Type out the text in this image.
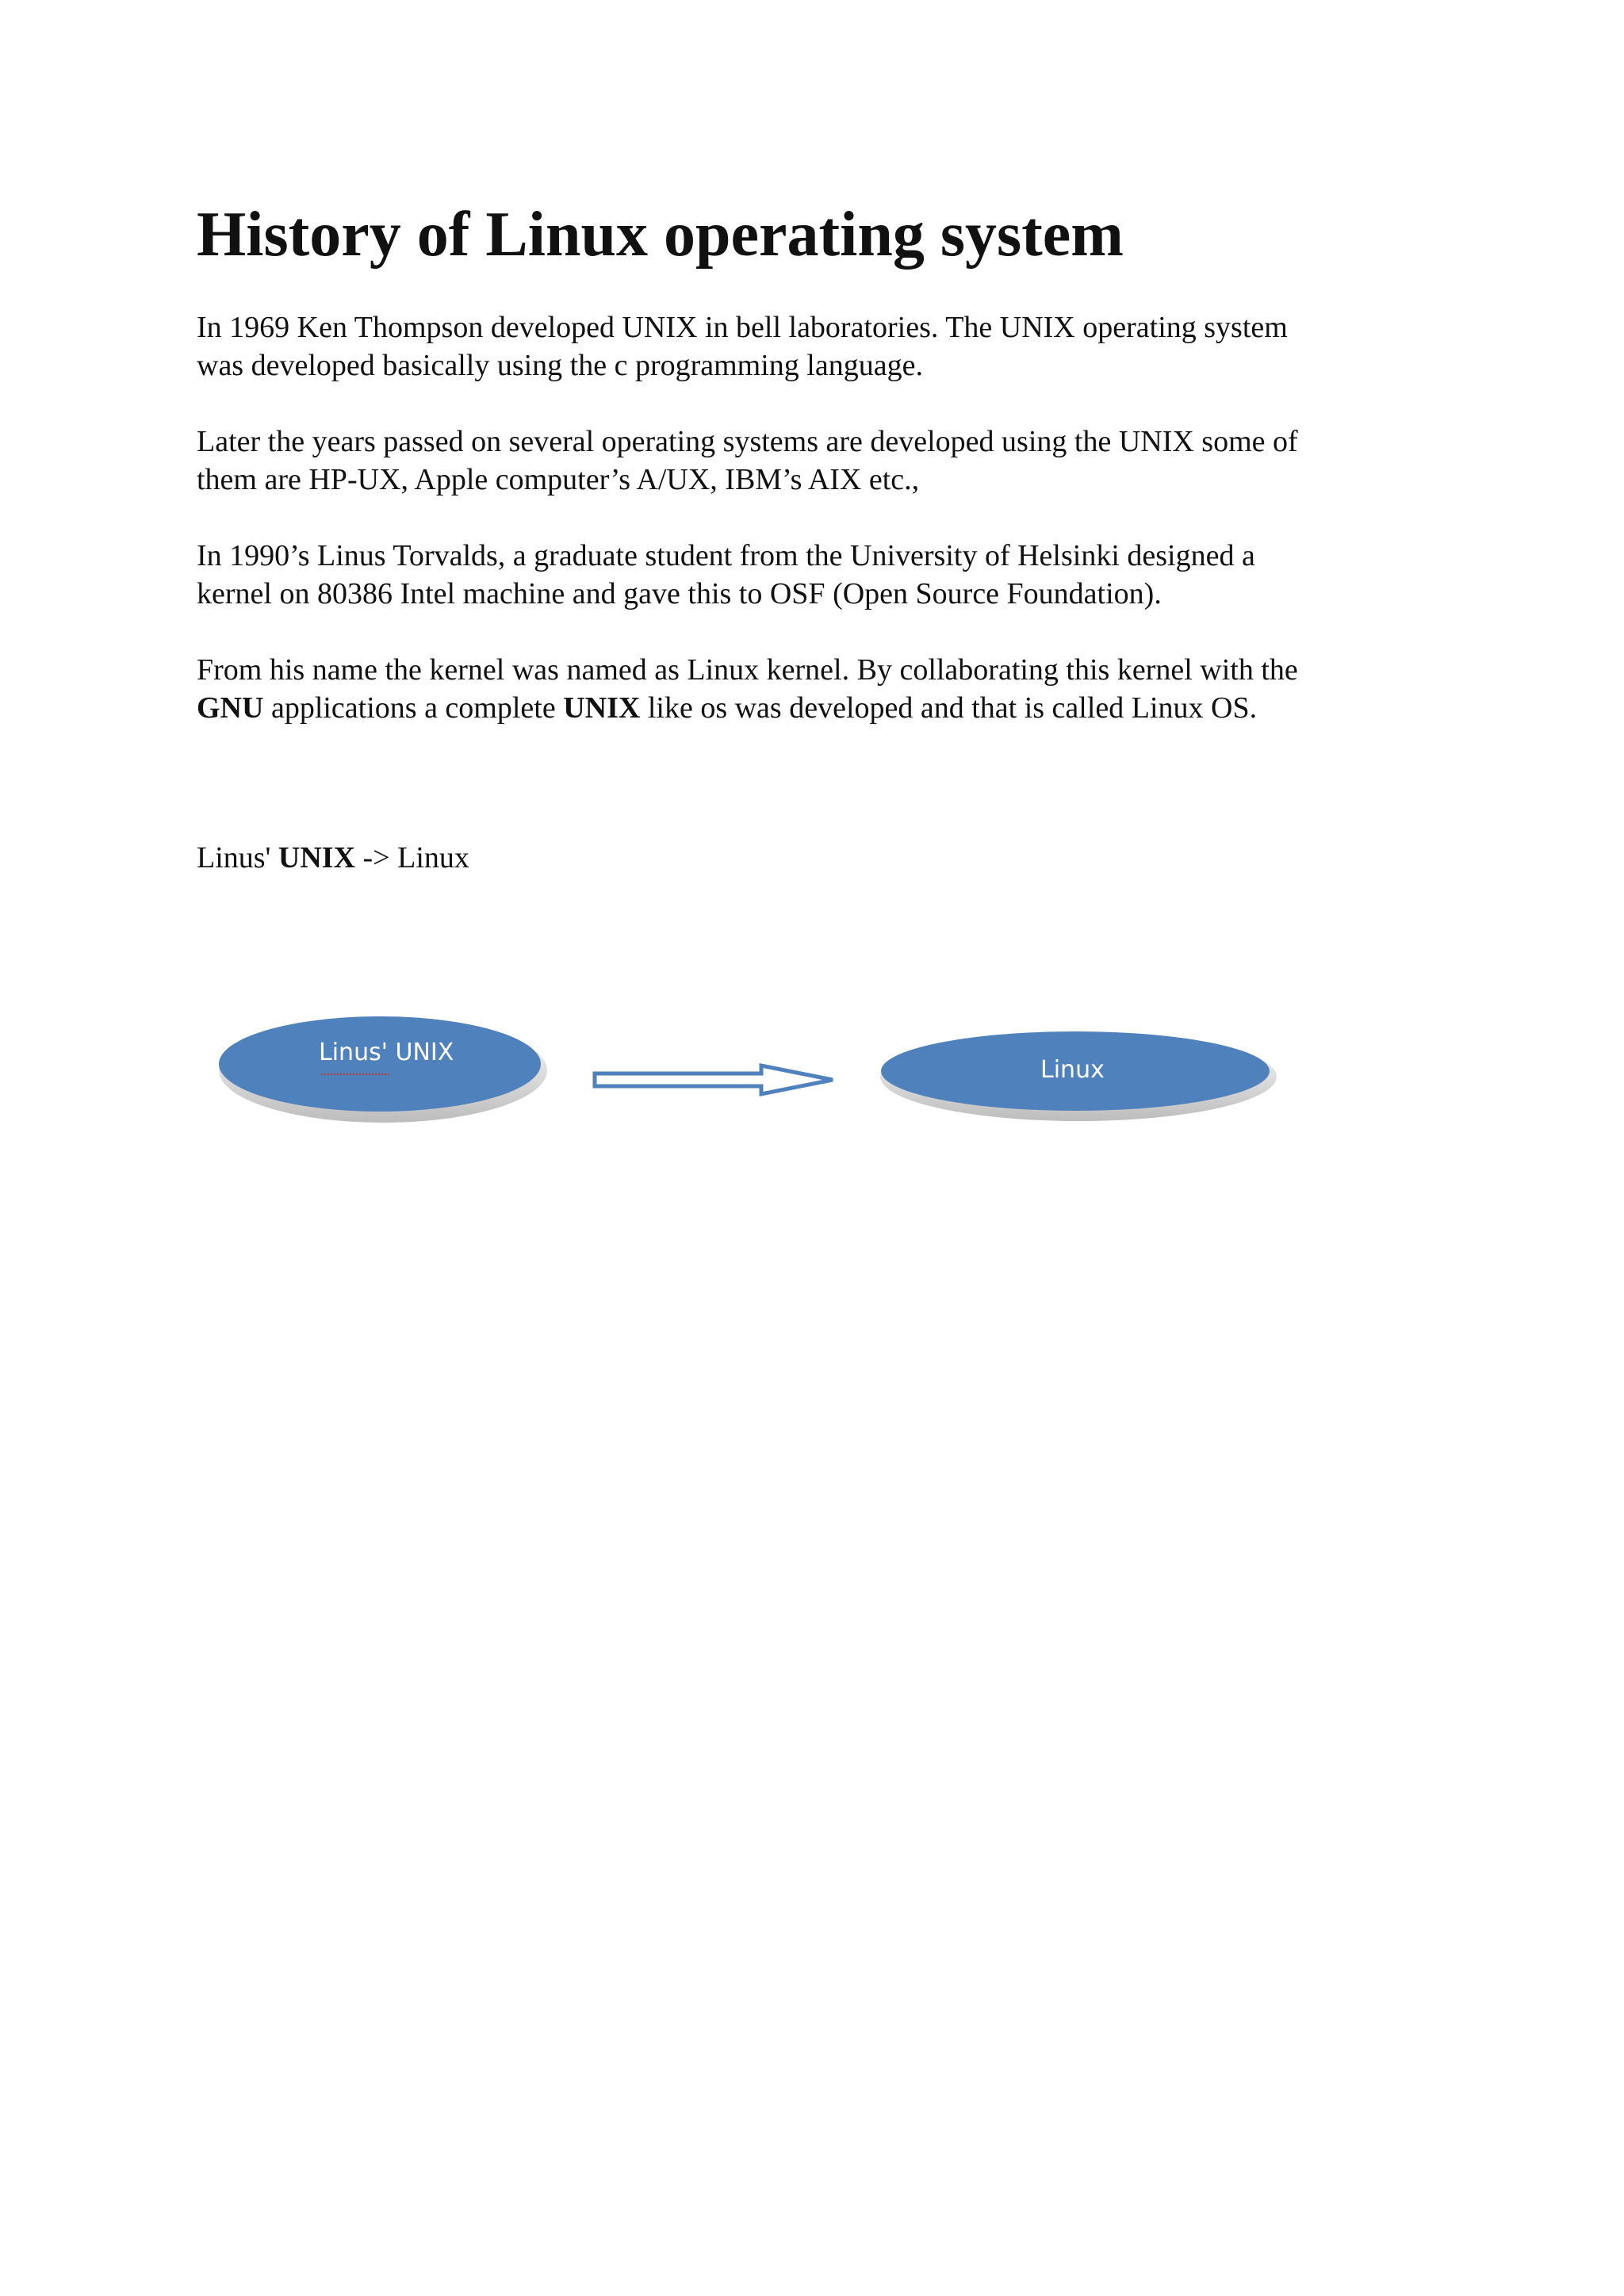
History of Linux operating system

In 1969 Ken Thompson developed UNIX in bell laboratories. The UNIX operating system
was developed basically using the c programming language.

Later the years passed on several operating systems are developed using the UNIX some of
them are HP-UX, Apple computer’s A/UX, IBM’s AIX etc.,

In 1990’s Linus Torvalds, a graduate student from the University of Helsinki designed a
kernel on 80386 Intel machine and gave this to OSF (Open Source Foundation).

From his name the kernel was named as Linux kernel. By collaborating this kernel with the
GNU applications a complete UNIX like os was developed and that is called Linux OS.

Linus' UNIX -> Linux
Linus' UNIX
Linux
